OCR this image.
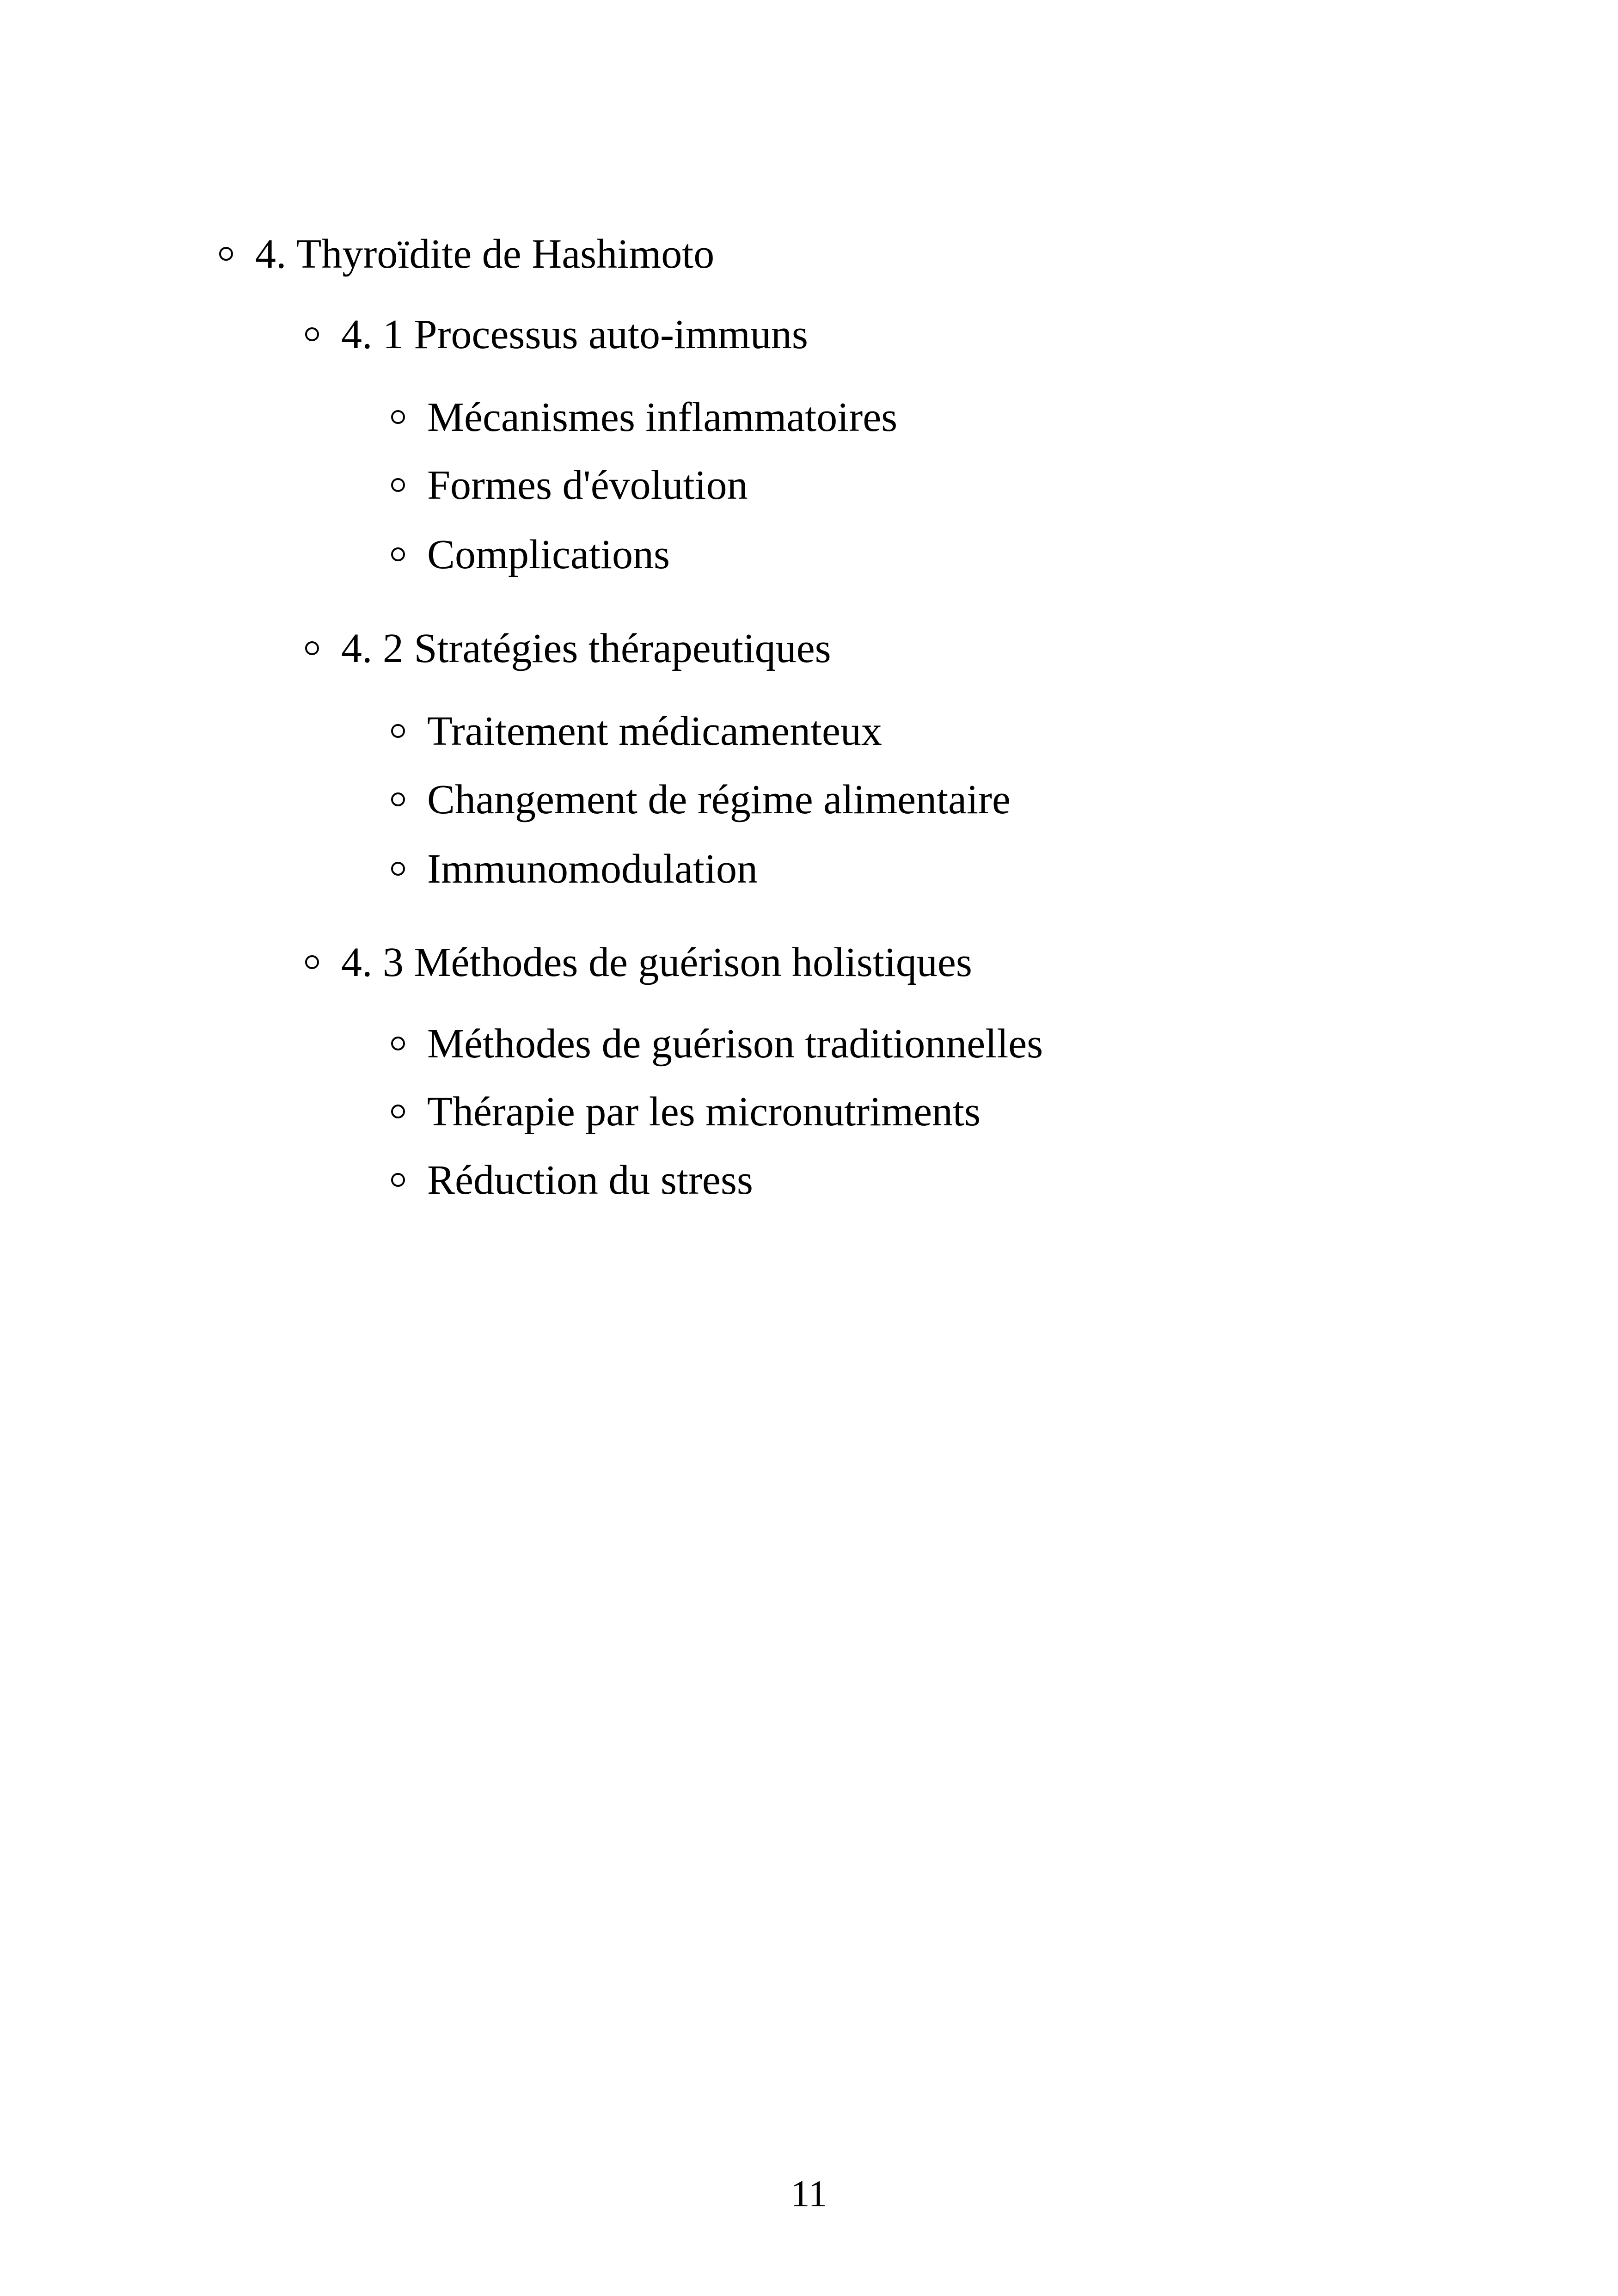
4. Thyroïdite de Hashimoto
4. 1 Processus auto-immuns
Mécanismes inflammatoires
Formes d'évolution
Complications
4. 2 Stratégies thérapeutiques
Traitement médicamenteux
Changement de régime alimentaire
Immunomodulation
4. 3 Méthodes de guérison holistiques
Méthodes de guérison traditionnelles
Thérapie par les micronutriments
Réduction du stress
11
